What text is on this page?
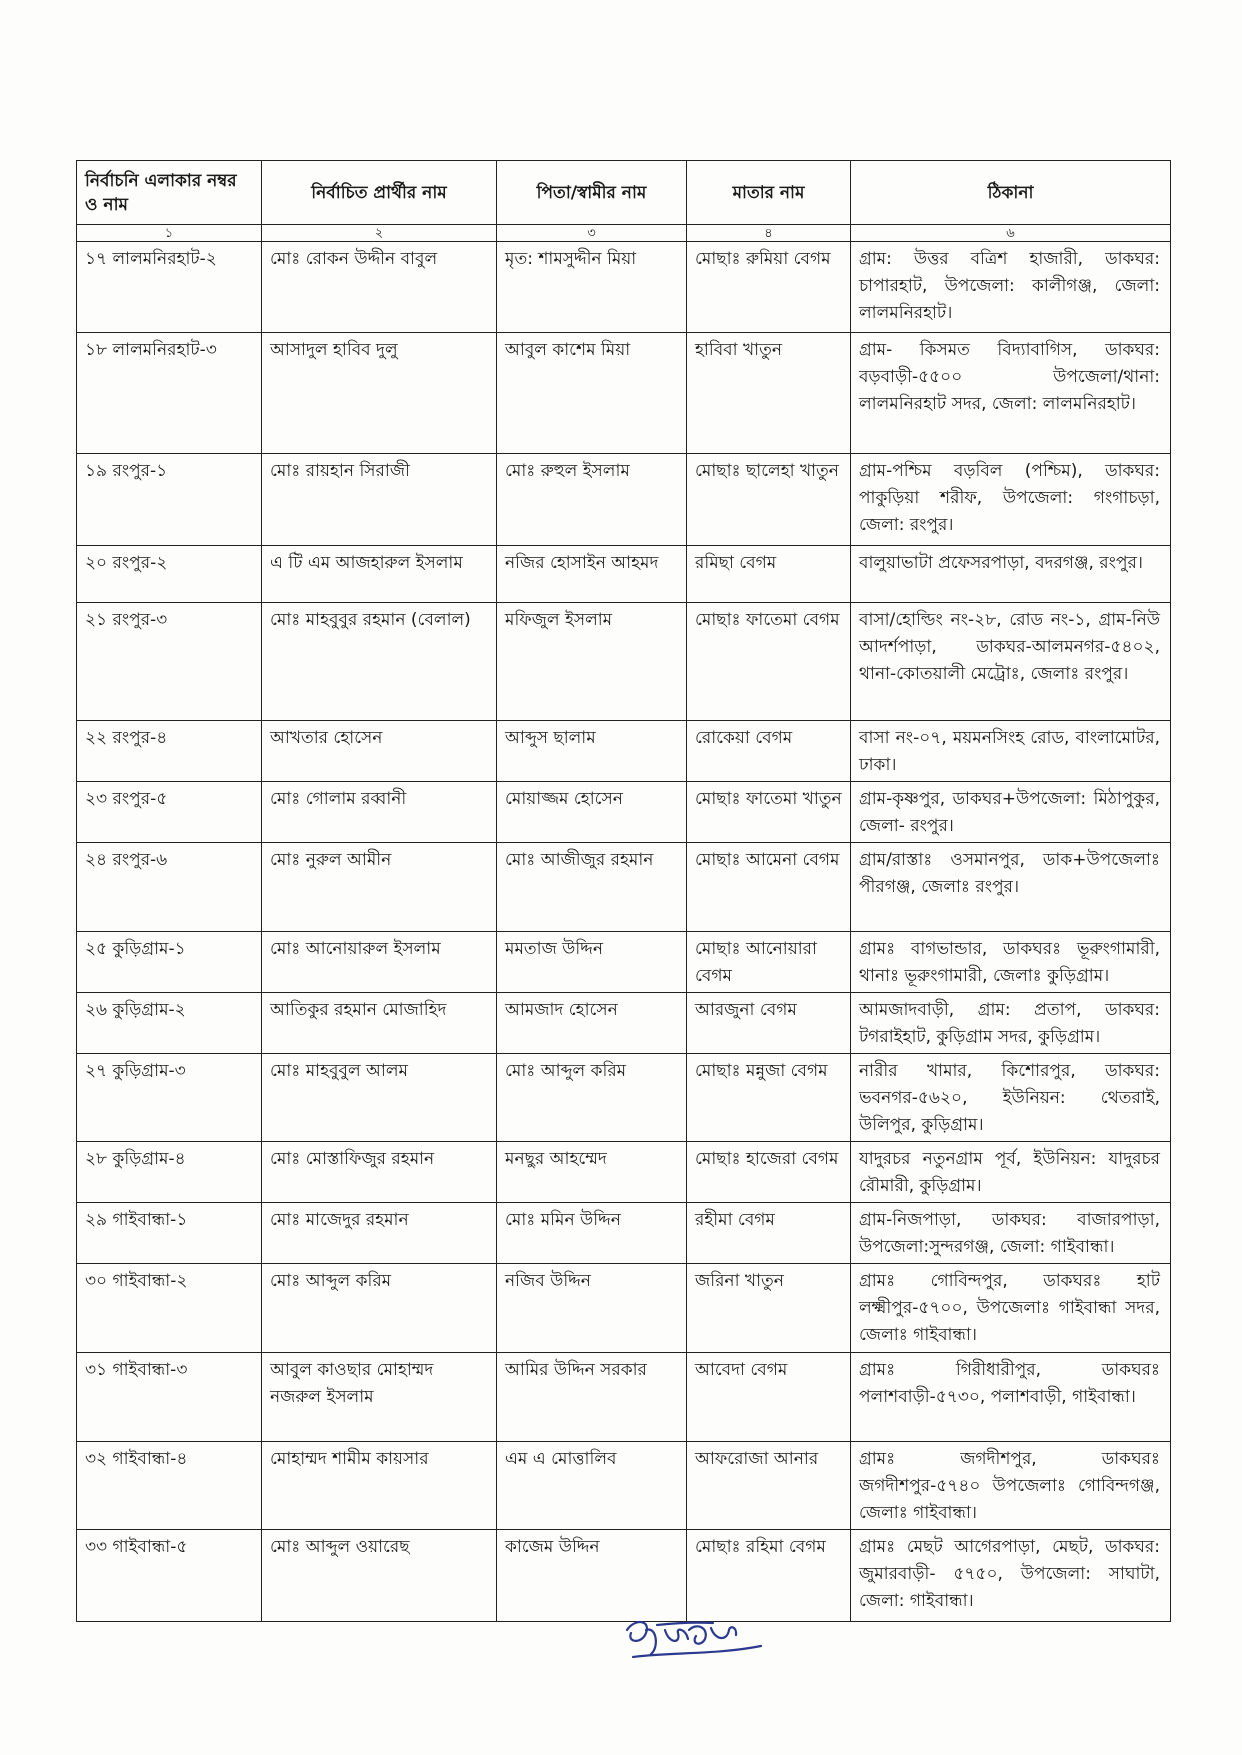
নির্বাচনি এলাকার নম্বর ও নাম	নির্বাচিত প্রার্থীর নাম	পিতা/স্বামীর নাম	মাতার নাম	ঠিকানা

১	২	৩	৪	৬

১৭ লালমনিরহাট-২	মোঃ রোকন উদ্দীন বাবুল	মৃত: শামসুদ্দীন মিয়া	মোছাঃ রুমিয়া বেগম	গ্রাম: উত্তর বত্রিশ হাজারী, ডাকঘর: চাপারহাট, উপজেলা: কালীগঞ্জ, জেলা: লালমনিরহাট।

১৮ লালমনিরহাট-৩	আসাদুল হাবিব দুলু	আবুল কাশেম মিয়া	হাবিবা খাতুন	গ্রাম- কিসমত বিদ্যাবাগিস, ডাকঘর: বড়বাড়ী-৫৫০০ উপজেলা/থানা: লালমনিরহাট সদর, জেলা: লালমনিরহাট।

১৯ রংপুর-১	মোঃ রায়হান সিরাজী	মোঃ রুহুল ইসলাম	মোছাঃ ছালেহা খাতুন	গ্রাম-পশ্চিম বড়বিল (পশ্চিম), ডাকঘর: পাকুড়িয়া শরীফ, উপজেলা: গংগাচড়া, জেলা: রংপুর।

২০ রংপুর-২	এ টি এম আজহারুল ইসলাম	নজির হোসাইন আহমদ	রমিছা বেগম	বালুয়াভাটা প্রফেসরপাড়া, বদরগঞ্জ, রংপুর।

২১ রংপুর-৩	মোঃ মাহবুবুর রহমান (বেলাল)	মফিজুল ইসলাম	মোছাঃ ফাতেমা বেগম	বাসা/হোল্ডিং নং-২৮, রোড নং-১, গ্রাম-নিউ আদর্শপাড়া, ডাকঘর-আলমনগর-৫৪০২, থানা-কোতয়ালী মেট্রোঃ, জেলাঃ রংপুর।

২২ রংপুর-৪	আখতার হোসেন	আব্দুস ছালাম	রোকেয়া বেগম	বাসা নং-০৭, ময়মনসিংহ রোড, বাংলামোটর, ঢাকা।

২৩ রংপুর-৫	মোঃ গোলাম রব্বানী	মোয়াজ্জম হোসেন	মোছাঃ ফাতেমা খাতুন	গ্রাম-কৃষ্ণপুর, ডাকঘর+উপজেলা: মিঠাপুকুর, জেলা- রংপুর।

২৪ রংপুর-৬	মোঃ নুরুল আমীন	মোঃ আজীজুর রহমান	মোছাঃ আমেনা বেগম	গ্রাম/রাস্তাঃ ওসমানপুর, ডাক+উপজেলাঃ পীরগঞ্জ, জেলাঃ রংপুর।

২৫ কুড়িগ্রাম-১	মোঃ আনোয়ারুল ইসলাম	মমতাজ উদ্দিন	মোছাঃ আনোয়ারা বেগম	গ্রামঃ বাগভান্ডার, ডাকঘরঃ ভূরুংগামারী, থানাঃ ভূরুংগামারী, জেলাঃ কুড়িগ্রাম।

২৬ কুড়িগ্রাম-২	আতিকুর রহমান মোজাহিদ	আমজাদ হোসেন	আরজুনা বেগম	আমজাদবাড়ী, গ্রাম: প্রতাপ, ডাকঘর: টগরাইহাট, কুড়িগ্রাম সদর, কুড়িগ্রাম।

২৭ কুড়িগ্রাম-৩	মোঃ মাহবুবুল আলম	মোঃ আব্দুল করিম	মোছাঃ মন্নুজা বেগম	নারীর খামার, কিশোরপুর, ডাকঘর: ভবনগর-৫৬২০, ইউনিয়ন: থেতরাই, উলিপুর, কুড়িগ্রাম।

২৮ কুড়িগ্রাম-৪	মোঃ মোস্তাফিজুর রহমান	মনছুর আহম্মেদ	মোছাঃ হাজেরা বেগম	যাদুরচর নতুনগ্রাম পূর্ব, ইউনিয়ন: যাদুরচর রৌমারী, কুড়িগ্রাম।

২৯ গাইবান্ধা-১	মোঃ মাজেদুর রহমান	মোঃ মমিন উদ্দিন	রহীমা বেগম	গ্রাম-নিজপাড়া, ডাকঘর: বাজারপাড়া, উপজেলা:সুন্দরগঞ্জ, জেলা: গাইবান্ধা।

৩০ গাইবান্ধা-২	মোঃ আব্দুল করিম	নজিব উদ্দিন	জরিনা খাতুন	গ্রামঃ গোবিন্দপুর, ডাকঘরঃ হাট লক্ষ্মীপুর-৫৭০০, উপজেলাঃ গাইবান্ধা সদর, জেলাঃ গাইবান্ধা।

৩১ গাইবান্ধা-৩	আবুল কাওছার মোহাম্মদ নজরুল ইসলাম	আমির উদ্দিন সরকার	আবেদা বেগম	গ্রামঃ গিরীধারীপুর, ডাকঘরঃ পলাশবাড়ী-৫৭৩০, পলাশবাড়ী, গাইবান্ধা।

৩২ গাইবান্ধা-৪	মোহাম্মদ শামীম কায়সার	এম এ মোত্তালিব	আফরোজা আনার	গ্রামঃ জগদীশপুর, ডাকঘরঃ জগদীশপুর-৫৭৪০ উপজেলাঃ গোবিন্দগঞ্জ, জেলাঃ গাইবান্ধা।

৩৩ গাইবান্ধা-৫	মোঃ আব্দুল ওয়ারেছ	কাজেম উদ্দিন	মোছাঃ রহিমা বেগম	গ্রামঃ মেছট আগেরপাড়া, মেছট, ডাকঘর: জুমারবাড়ী- ৫৭৫০, উপজেলা: সাঘাটা, জেলা: গাইবান্ধা।
